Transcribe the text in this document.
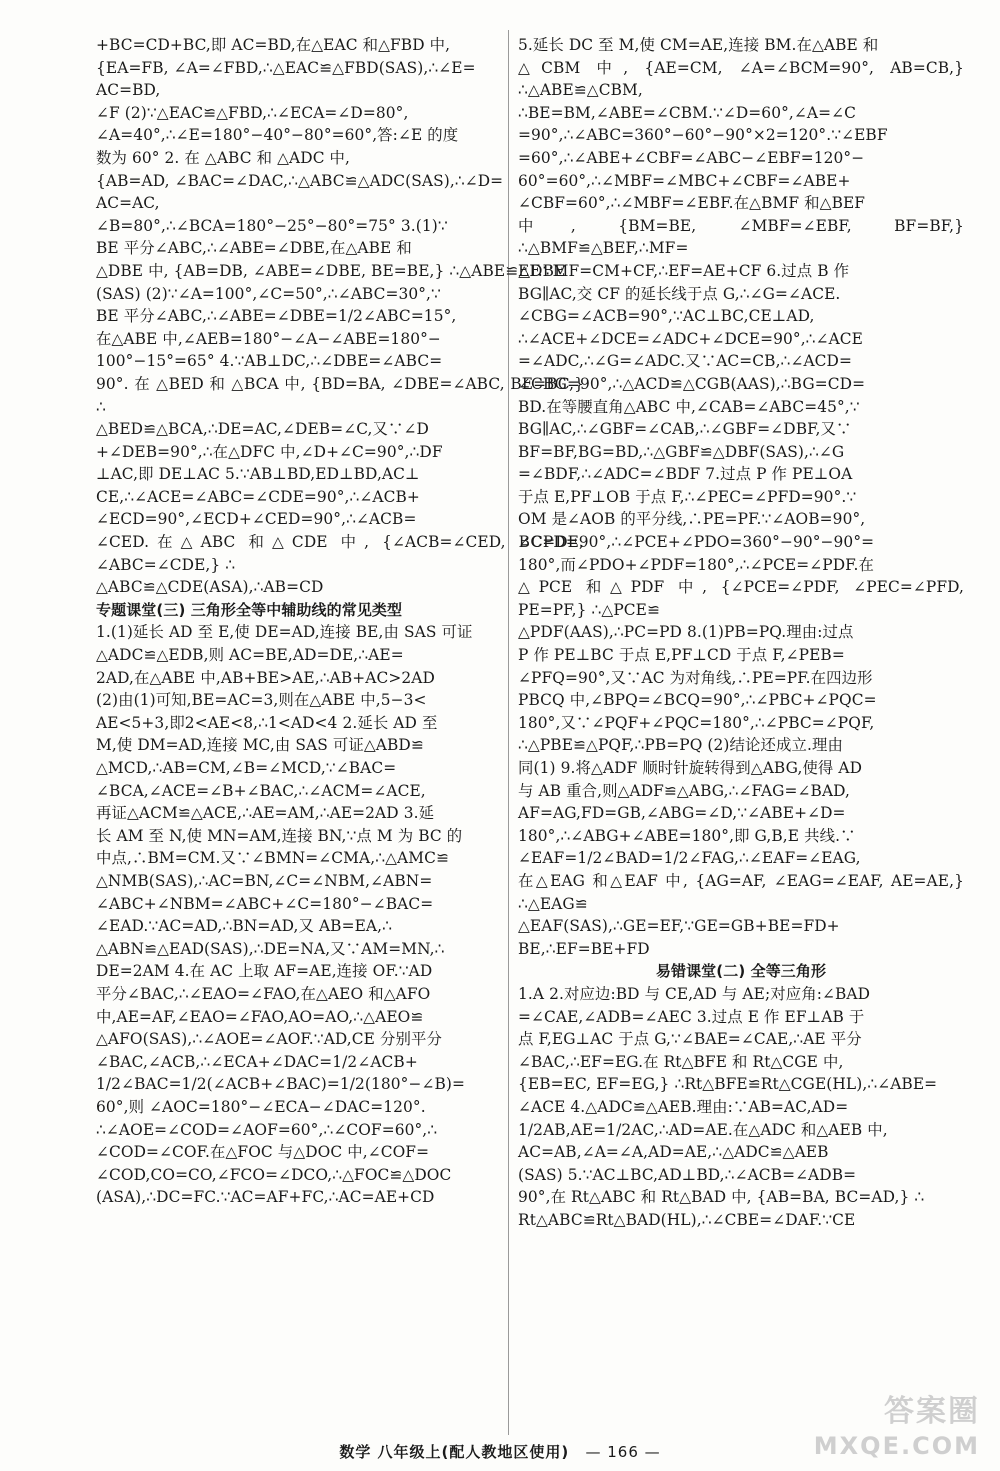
+BC=CD+BC,即 AC=BD,在△EAC 和△FBD 中,

{EA=FB, ∠A=∠FBD,∴△EAC≌△FBD(SAS),∴∠E=

AC=BD,

∠F (2)∵△EAC≌△FBD,∴∠ECA=∠D=80°,

∠A=40°,∴∠E=180°−40°−80°=60°,答:∠E 的度

数为 60° 2. 在 △ABC 和 △ADC 中,

{AB=AD, ∠BAC=∠DAC,∴△ABC≌△ADC(SAS),∴∠D=

AC=AC,

∠B=80°,∴∠BCA=180°−25°−80°=75° 3.(1)∵

BE 平分∠ABC,∴∠ABE=∠DBE,在△ABE 和

△DBE 中, {AB=DB, ∠ABE=∠DBE, BE=BE,} ∴△ABE≌△DBE

(SAS) (2)∵∠A=100°,∠C=50°,∴∠ABC=30°,∵

BE 平分∠ABC,∴∠ABE=∠DBE=1/2∠ABC=15°,

在△ABE 中,∠AEB=180°−∠A−∠ABE=180°−

100°−15°=65° 4.∵AB⊥DC,∴∠DBE=∠ABC=

90°. 在 △BED 和 △BCA 中, {BD=BA, ∠DBE=∠ABC, BE=BC,} ∴

△BED≌△BCA,∴DE=AC,∠DEB=∠C,又∵∠D

+∠DEB=90°,∴在△DFC 中,∠D+∠C=90°,∴DF

⊥AC,即 DE⊥AC 5.∵AB⊥BD,ED⊥BD,AC⊥

CE,∴∠ACE=∠ABC=∠CDE=90°,∴∠ACB+

∠ECD=90°,∠ECD+∠CED=90°,∴∠ACB=

∠CED.在△ABC 和△CDE 中, {∠ACB=∠CED, BC=DE, ∠ABC=∠CDE,} ∴

△ABC≌△CDE(ASA),∴AB=CD

专题课堂(三) 三角形全等中辅助线的常见类型

1.(1)延长 AD 至 E,使 DE=AD,连接 BE,由 SAS 可证

△ADC≌△EDB,则 AC=BE,AD=DE,∴AE=

2AD,在△ABE 中,AB+BE>AE,∴AB+AC>2AD

(2)由(1)可知,BE=AC=3,则在△ABE 中,5−3<

AE<5+3,即2<AE<8,∴1<AD<4 2.延长 AD 至

M,使 DM=AD,连接 MC,由 SAS 可证△ABD≌

△MCD,∴AB=CM,∠B=∠MCD,∵∠BAC=

∠BCA,∠ACE=∠B+∠BAC,∴∠ACM=∠ACE,

再证△ACM≌△ACE,∴AE=AM,∴AE=2AD 3.延

长 AM 至 N,使 MN=AM,连接 BN,∵点 M 为 BC 的

中点,∴BM=CM.又∵∠BMN=∠CMA,∴△AMC≌

△NMB(SAS),∴AC=BN,∠C=∠NBM,∠ABN=

∠ABC+∠NBM=∠ABC+∠C=180°−∠BAC=

∠EAD.∵AC=AD,∴BN=AD,又 AB=EA,∴

△ABN≌△EAD(SAS),∴DE=NA,又∵AM=MN,∴

DE=2AM 4.在 AC 上取 AF=AE,连接 OF.∵AD

平分∠BAC,∴∠EAO=∠FAO,在△AEO 和△AFO

中,AE=AF,∠EAO=∠FAO,AO=AO,∴△AEO≌

△AFO(SAS),∴∠AOE=∠AOF.∵AD,CE 分别平分

∠BAC,∠ACB,∴∠ECA+∠DAC=1/2∠ACB+

1/2∠BAC=1/2(∠ACB+∠BAC)=1/2(180°−∠B)=

60°,则 ∠AOC=180°−∠ECA−∠DAC=120°.

∴∠AOE=∠COD=∠AOF=60°,∴∠COF=60°,∴

∠COD=∠COF.在△FOC 与△DOC 中,∠COF=

∠COD,CO=CO,∠FCO=∠DCO,∴△FOC≌△DOC

(ASA),∴DC=FC.∵AC=AF+FC,∴AC=AE+CD

5.延长 DC 至 M,使 CM=AE,连接 BM.在△ABE 和

△CBM 中, {AE=CM, ∠A=∠BCM=90°, AB=CB,} ∴△ABE≌△CBM,

∴BE=BM,∠ABE=∠CBM.∵∠D=60°,∠A=∠C

=90°,∴∠ABC=360°−60°−90°×2=120°.∵∠EBF

=60°,∴∠ABE+∠CBF=∠ABC−∠EBF=120°−

60°=60°,∴∠MBF=∠MBC+∠CBF=∠ABE+

∠CBF=60°,∴∠MBF=∠EBF.在△BMF 和△BEF

中, {BM=BE, ∠MBF=∠EBF, BF=BF,} ∴△BMF≌△BEF,∴MF=

EF.∵MF=CM+CF,∴EF=AE+CF 6.过点 B 作

BG∥AC,交 CF 的延长线于点 G,∴∠G=∠ACE.

∠CBG=∠ACB=90°,∵AC⊥BC,CE⊥AD,

∴∠ACE+∠DCE=∠ADC+∠DCE=90°,∴∠ACE

=∠ADC,∴∠G=∠ADC.又∵AC=CB,∴∠ACD=

∠CBG=90°,∴△ACD≌△CGB(AAS),∴BG=CD=

BD.在等腰直角△ABC 中,∠CAB=∠ABC=45°,∵

BG∥AC,∴∠GBF=∠CAB,∴∠GBF=∠DBF,又∵

BF=BF,BG=BD,∴△GBF≌△DBF(SAS),∴∠G

=∠BDF,∴∠ADC=∠BDF 7.过点 P 作 PE⊥OA

于点 E,PF⊥OB 于点 F,∴∠PEC=∠PFD=90°.∵

OM 是∠AOB 的平分线,∴PE=PF.∵∠AOB=90°,

∠CPD=90°,∴∠PCE+∠PDO=360°−90°−90°=

180°,而∠PDO+∠PDF=180°,∴∠PCE=∠PDF.在

△PCE 和△PDF 中, {∠PCE=∠PDF, ∠PEC=∠PFD, PE=PF,} ∴△PCE≌

△PDF(AAS),∴PC=PD 8.(1)PB=PQ.理由:过点

P 作 PE⊥BC 于点 E,PF⊥CD 于点 F,∠PEB=

∠PFQ=90°,又∵AC 为对角线,∴PE=PF.在四边形

PBCQ 中,∠BPQ=∠BCQ=90°,∴∠PBC+∠PQC=

180°,又∵∠PQF+∠PQC=180°,∴∠PBC=∠PQF,

∴△PBE≌△PQF,∴PB=PQ (2)结论还成立.理由

同(1) 9.将△ADF 顺时针旋转得到△ABG,使得 AD

与 AB 重合,则△ADF≌△ABG,∴∠FAG=∠BAD,

AF=AG,FD=GB,∠ABG=∠D,∵∠ABE+∠D=

180°,∴∠ABG+∠ABE=180°,即 G,B,E 共线.∵

∠EAF=1/2∠BAD=1/2∠FAG,∴∠EAF=∠EAG,

在△EAG 和△EAF 中, {AG=AF, ∠EAG=∠EAF, AE=AE,} ∴△EAG≌

△EAF(SAS),∴GE=EF,∵GE=GB+BE=FD+

BE,∴EF=BE+FD

易错课堂(二) 全等三角形

1.A 2.对应边:BD 与 CE,AD 与 AE;对应角:∠BAD

=∠CAE,∠ADB=∠AEC 3.过点 E 作 EF⊥AB 于

点 F,EG⊥AC 于点 G,∵∠BAE=∠CAE,∴AE 平分

∠BAC,∴EF=EG.在 Rt△BFE 和 Rt△CGE 中,

{EB=EC, EF=EG,} ∴Rt△BFE≌Rt△CGE(HL),∴∠ABE=

∠ACE 4.△ADC≌△AEB.理由:∵AB=AC,AD=

1/2AB,AE=1/2AC,∴AD=AE.在△ADC 和△AEB 中,

AC=AB,∠A=∠A,AD=AE,∴△ADC≌△AEB

(SAS) 5.∵AC⊥BC,AD⊥BD,∴∠ACB=∠ADB=

90°,在 Rt△ABC 和 Rt△BAD 中, {AB=BA, BC=AD,} ∴

Rt△ABC≌Rt△BAD(HL),∴∠CBE=∠DAF.∵CE

数学 八年级上(配人教地区使用) — 166 —
答案圈
MXQE.COM
